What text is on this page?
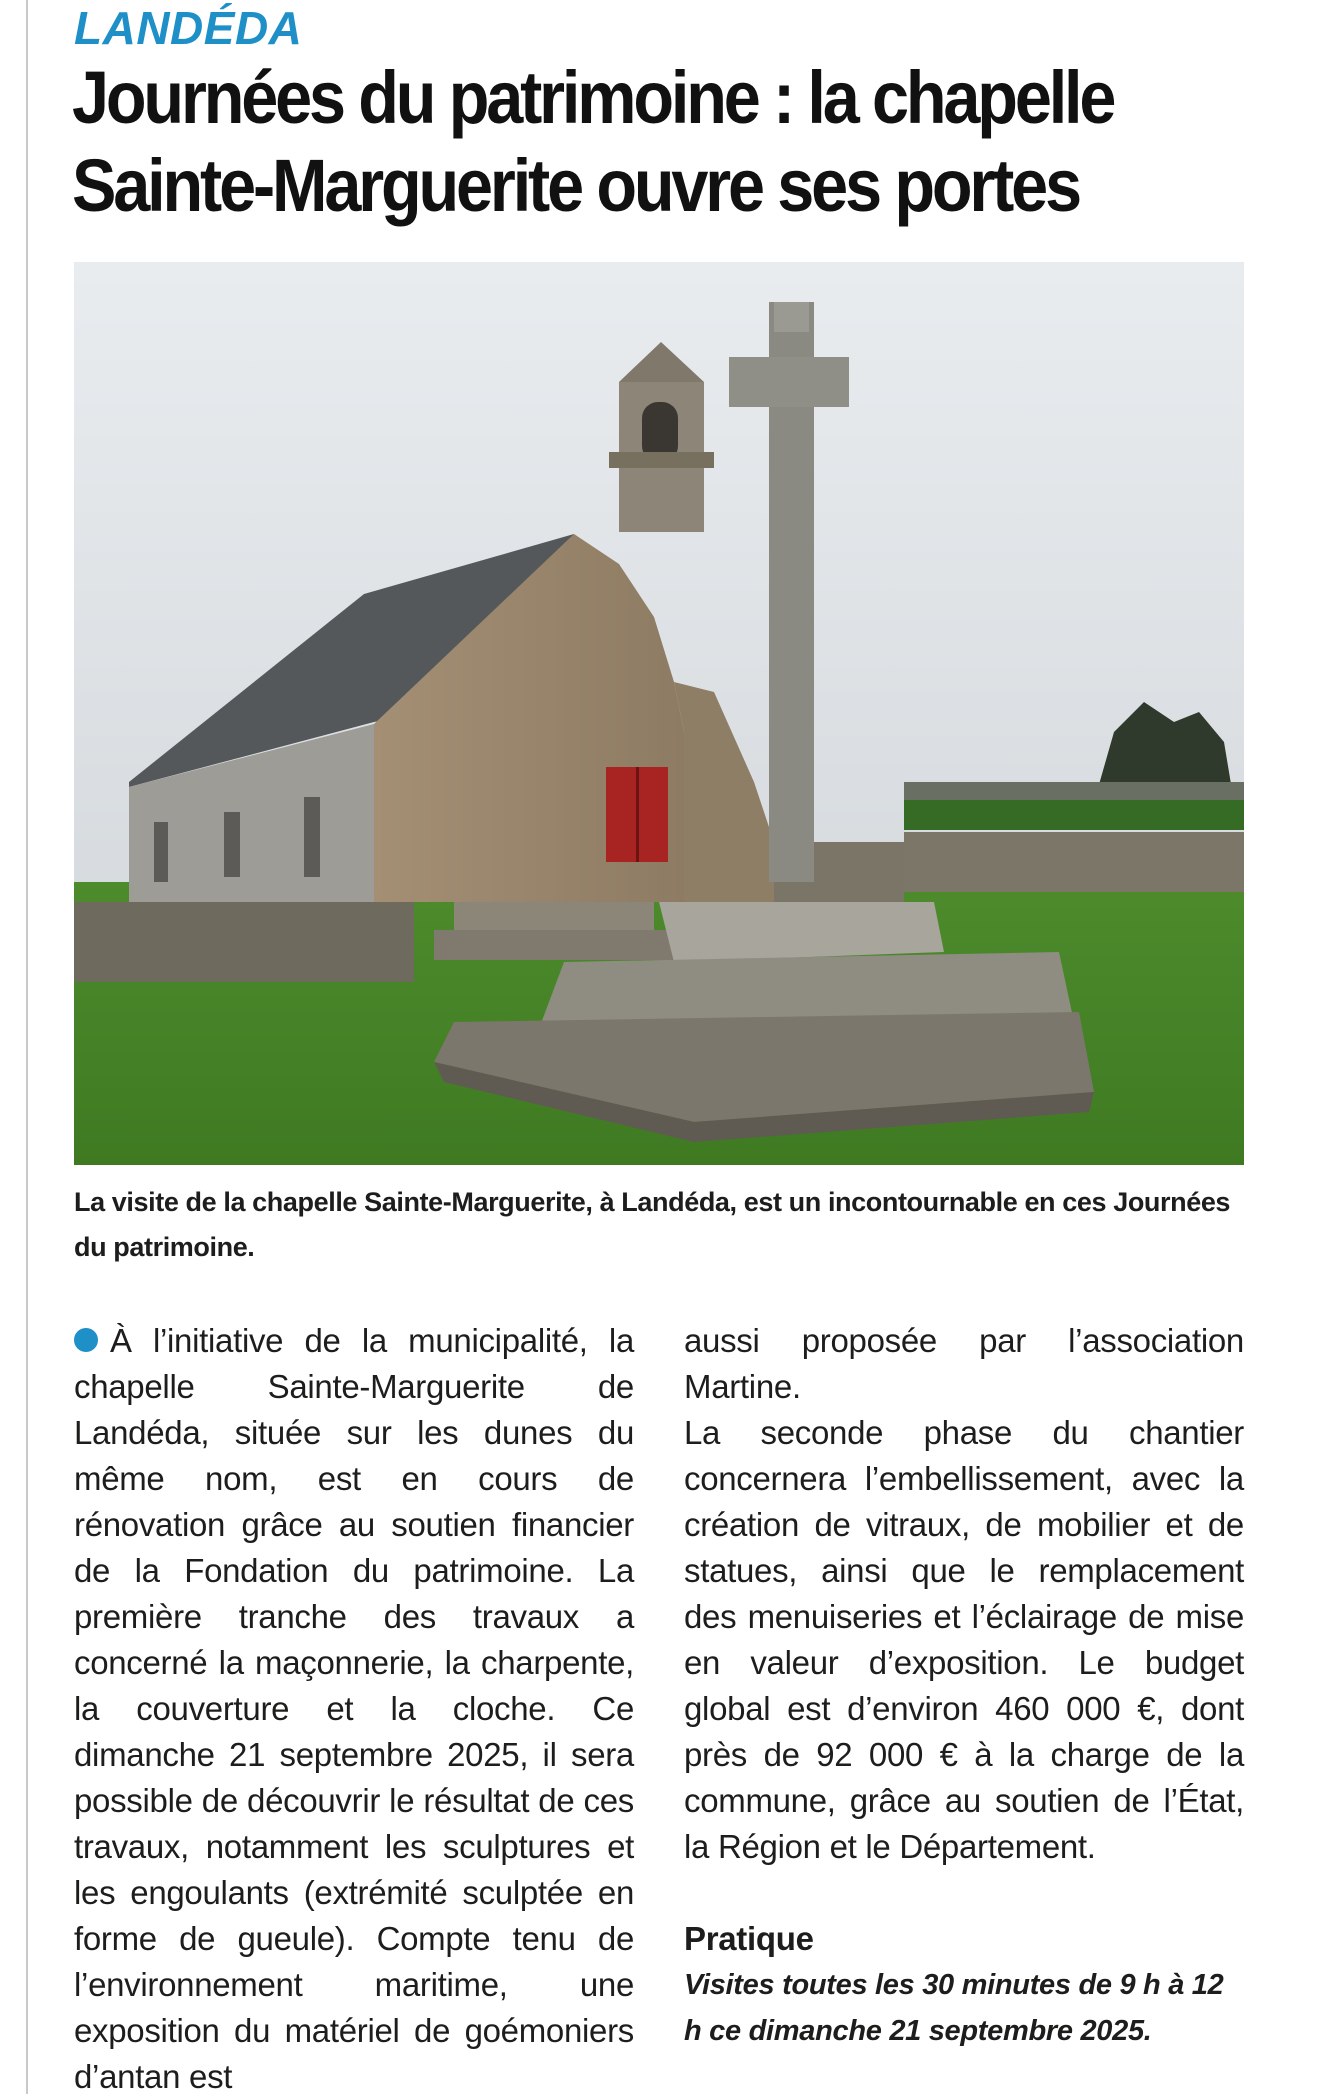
LANDÉDA
Journées du patrimoine : la chapelle
Sainte-Marguerite ouvre ses portes
La visite de la chapelle Sainte-Marguerite, à Landéda, est un incontournable en ces Journées du patrimoine.

À l’initiative de la municipalité, la chapelle Sainte-Marguerite de Landéda, située sur les dunes du même nom, est en cours de rénovation grâce au soutien financier de la Fondation du patrimoine. La première tranche des travaux a concerné la maçonnerie, la charpente, la couverture et la cloche. Ce dimanche 21 septembre 2025, il sera possible de découvrir le résultat de ces travaux, notamment les sculptures et les engoulants (extrémité sculptée en forme de gueule). Compte tenu de l’environnement maritime, une exposition du matériel de goémoniers d’antan est

aussi proposée par l’association Martine.

La seconde phase du chantier concernera l’embellissement, avec la création de vitraux, de mobilier et de statues, ainsi que le remplacement des menuiseries et l’éclairage de mise en valeur d’exposition. Le budget global est d’environ 460 000 €, dont près de 92 000 € à la charge de la commune, grâce au soutien de l’État, la Région et le Département.

Pratique

Visites toutes les 30 minutes de 9 h à 12 h ce dimanche 21 septembre 2025.
